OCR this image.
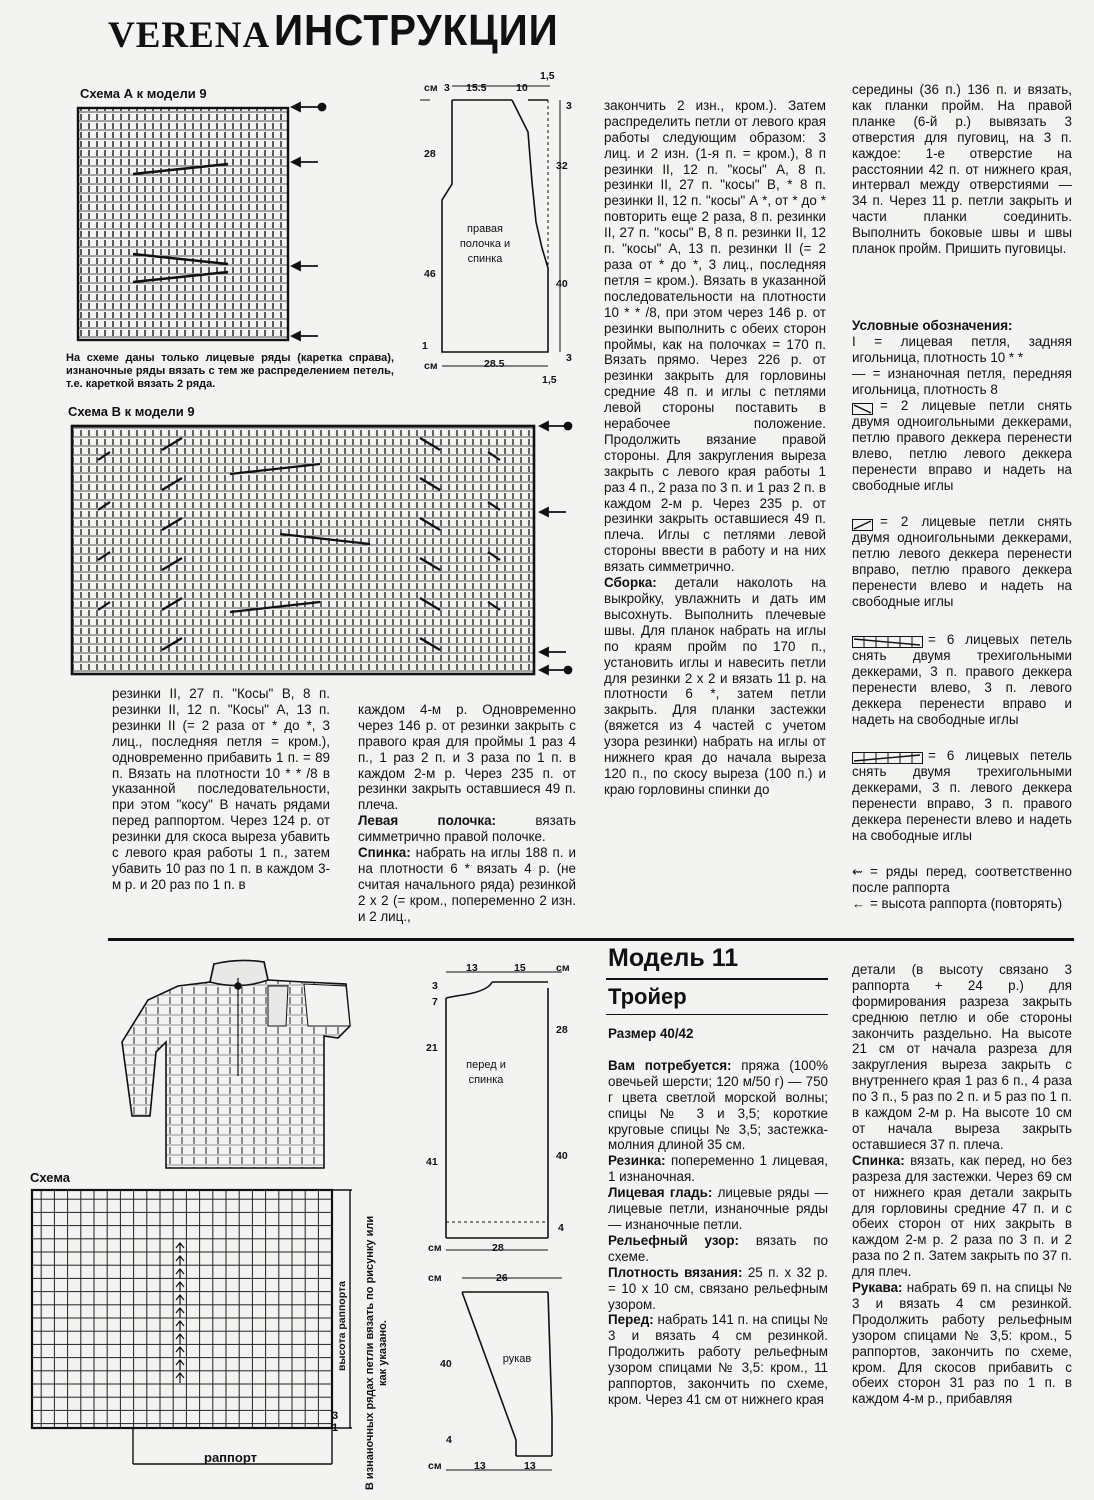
VERENA ИНСТРУКЦИИ
Схема А к модели 9
На схеме даны только лицевые ряды (каретка справа), изнаночные ряды вязать с тем же распределением петель, т.е. кареткой вязать 2 ряда.
см 3 15.5	10
1,5
3
28
32
46
40
1
3
см	28.5
1,5
правая полочка и спинка
Схема В к модели 9
резинки II, 27 п. "Косы" В, 8 п. резинки II, 12 п. "Косы" А, 13 п. резинки II (= 2 раза от * до *, 3 лиц., последняя петля = кром.), одновременно прибавить 1 п. = 89 п. Вязать на плотности 10 * * /8 в указанной последовательности, при этом "косу" В начать рядами перед раппортом. Через 124 р. от резинки для скоса выреза убавить с левого края работы 1 п., затем убавить 10 раз по 1 п. в каждом 3-м р. и 20 раз по 1 п. в

каждом 4-м р. Одновременно через 146 р. от резинки закрыть с правого края для проймы 1 раз 4 п., 1 раз 2 п. и 3 раза по 1 п. в каждом 2-м р. Через 235 п. от резинки закрыть оставшиеся 49 п. плеча.
Левая полочка: вязать симметрично правой полочке.
Спинка: набрать на иглы 188 п. и на плотности 6 * вязать 4 р. (не считая начального ряда) резинкой 2 х 2 (= кром., попеременно 2 изн. и 2 лиц.,

закончить 2 изн., кром.). Затем распределить петли от левого края работы следующим образом: 3 лиц. и 2 изн. (1-я п. = кром.), 8 п резинки II, 12 п. "косы" А, 8 п. резинки II, 27 п. "косы" В, * 8 п. резинки II, 12 п. "косы" А *, от * до * повторить еще 2 раза, 8 п. резинки II, 27 п. "косы" В, 8 п. резинки II, 12 п. "косы" А, 13 п. резинки II (= 2 раза от * до *, 3 лиц., последняя петля = кром.). Вязать в указанной последовательности на плотности 10 * * /8, при этом через 146 р. от резинки выполнить с обеих сторон проймы, как на полочках = 170 п. Вязать прямо. Через 226 р. от резинки закрыть для горловины средние 48 п. и иглы с петлями левой стороны поставить в нерабочее положение. Продолжить вязание правой стороны. Для закругления выреза закрыть с левого края работы 1 раз 4 п., 2 раза по 3 п. и 1 раз 2 п. в каждом 2-м р. Через 235 р. от резинки закрыть оставшиеся 49 п. плеча. Иглы с петлями левой стороны ввести в работу и на них вязать симметрично.
Сборка: детали наколоть на выкройку, увлажнить и дать им высохнуть. Выполнить плечевые швы. Для планок набрать на иглы по краям пройм по 170 п., установить иглы и навесить петли для резинки 2 х 2 и вязать 11 р. на плотности 6 *, затем петли закрыть. Для планки застежки (вяжется из 4 частей с учетом узора резинки) набрать на иглы от нижнего края до начала выреза 120 п., по скосу выреза (100 п.) и краю горловины спинки до

середины (36 п.) 136 п. и вязать, как планки пройм. На правой планке (6-й р.) вывязать 3 отверстия для пуговиц, на 3 п. каждое: 1-е отверстие на расстоянии 42 п. от нижнего края, интервал между отверстиями — 34 п. Через 11 р. петли закрыть и части планки соединить. Выполнить боковые швы и швы планок пройм. Пришить пуговицы.
Условные обозначения:
I = лицевая петля, задняя игольница, плотность 10 * *
— = изнаночная петля, передняя игольница, плотность 8
= 2 лицевые петли снять двумя одноигольными деккерами, петлю правого деккера перенести влево, петлю левого деккера перенести вправо и надеть на свободные иглы
= 2 лицевые петли снять двумя одноигольными деккерами, петлю левого деккера перенести вправо, петлю правого деккера перенести влево и надеть на свободные иглы
= 6 лицевых петель снять двумя трехигольными деккерами, 3 п. правого деккера перенести влево, 3 п. левого деккера перенести вправо и надеть на свободные иглы
= 6 лицевых петель снять двумя трехигольными деккерами, 3 п. левого деккера перенести вправо, 3 п. правого деккера перенести влево и надеть на свободные иглы
⇜ = ряды перед, соответственно после раппорта
← = высота раппорта (повторять)
13	15	см
3
7
28
21
40
41
4
см	28
перед и спинка
см	26
40
4
см	13	13
рукав
Схема
раппорт
3
1
высота раппорта В изнаночных рядах петли вязать по рисунку или как указано.
Модель 11
Тройер
Размер 40/42

Вам потребуется: пряжа (100% овечьей шерсти; 120 м/50 г) — 750 г цвета светлой морской волны; спицы № 3 и 3,5; короткие круговые спицы № 3,5; застежка-молния длиной 35 см.
Резинка: попеременно 1 лицевая, 1 изнаночная.
Лицевая гладь: лицевые ряды — лицевые петли, изнаночные ряды — изнаночные петли.
Рельефный узор: вязать по схеме.
Плотность вязания: 25 п. х 32 р. = 10 х 10 см, связано рельефным узором.
Перед: набрать 141 п. на спицы № 3 и вязать 4 см резинкой. Продолжить работу рельефным узором спицами № 3,5: кром., 11 раппортов, закончить по схеме, кром. Через 41 см от нижнего края

детали (в высоту связано 3 раппорта + 24 р.) для формирования разреза закрыть среднюю петлю и обе стороны закончить раздельно. На высоте 21 см от начала разреза для закругления выреза закрыть с внутреннего края 1 раз 6 п., 4 раза по 3 п., 5 раз по 2 п. и 5 раз по 1 п. в каждом 2-м р. На высоте 10 см от начала выреза закрыть оставшиеся 37 п. плеча.
Спинка: вязать, как перед, но без разреза для застежки. Через 69 см от нижнего края детали закрыть для горловины средние 47 п. и с обеих сторон от них закрыть в каждом 2-м р. 2 раза по 3 п. и 2 раза по 2 п. Затем закрыть по 37 п. для плеч.
Рукава: набрать 69 п. на спицы № 3 и вязать 4 см резинкой. Продолжить работу рельефным узором спицами № 3,5: кром., 5 раппортов, закончить по схеме, кром. Для скосов прибавить с обеих сторон 31 раз по 1 п. в каждом 4-м р., прибавляя
